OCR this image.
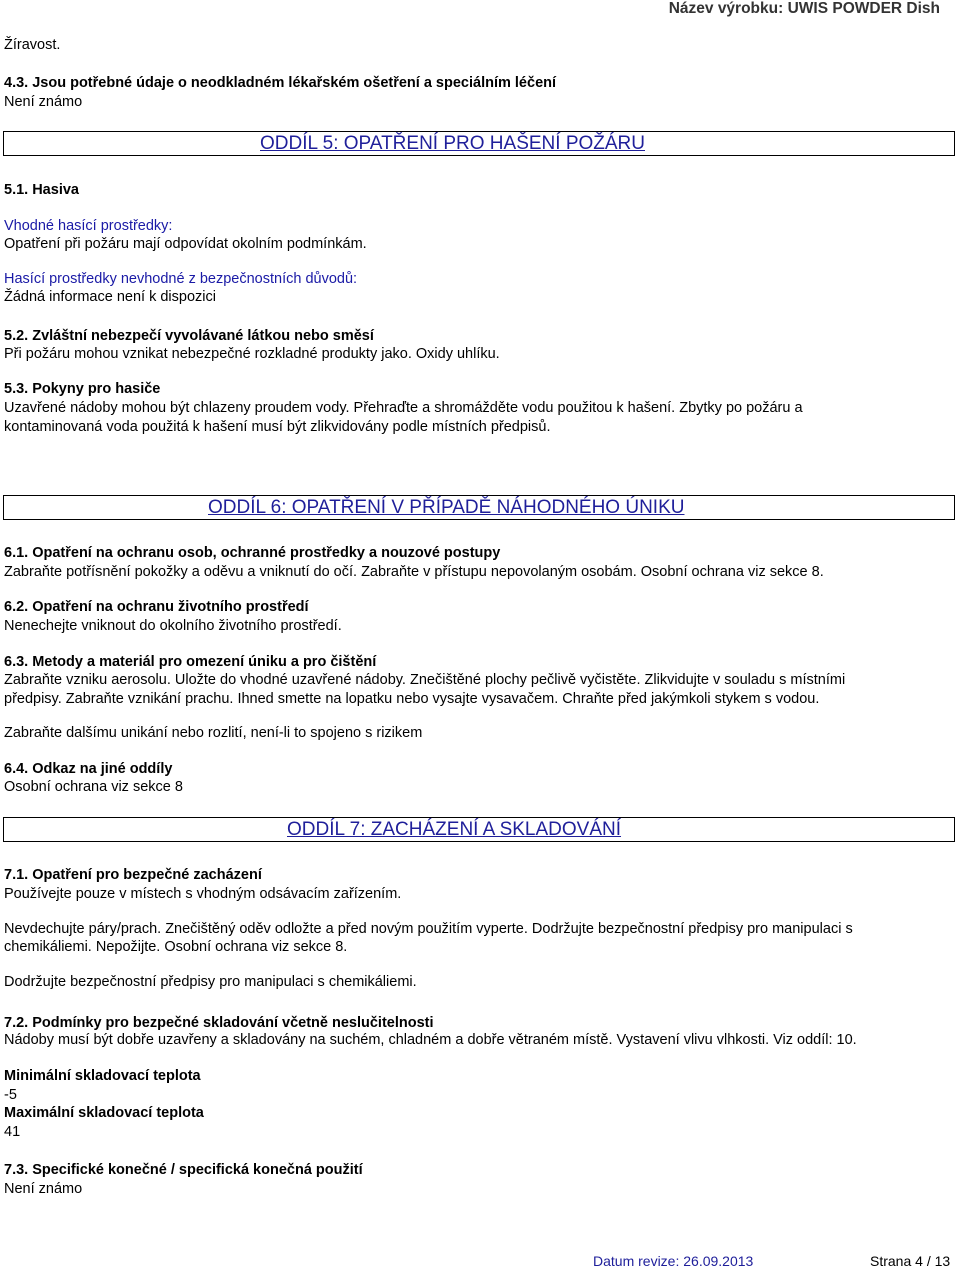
Název výrobku: UWIS POWDER Dish
Žíravost.
4.3. Jsou potřebné údaje o neodkladném lékařském ošetření a speciálním léčení
Není známo
ODDÍL 5: OPATŘENÍ PRO HAŠENÍ POŽÁRU
5.1. Hasiva
Vhodné hasící prostředky:
Opatření při požáru mají odpovídat okolním podmínkám.
Hasící prostředky nevhodné z bezpečnostních důvodů:
Žádná informace není k dispozici
5.2. Zvláštní nebezpečí vyvolávané látkou nebo směsí
Při požáru mohou vznikat nebezpečné rozkladné produkty jako. Oxidy uhlíku.
5.3. Pokyny pro hasiče
Uzavřené nádoby mohou být chlazeny proudem vody. Přehraďte a shromážděte vodu použitou k hašení. Zbytky po požáru a
kontaminovaná voda použitá k hašení musí být zlikvidovány podle místních předpisů.
ODDÍL 6: OPATŘENÍ V PŘÍPADĚ NÁHODNÉHO ÚNIKU
6.1. Opatření na ochranu osob, ochranné prostředky a nouzové postupy
Zabraňte potřísnění pokožky a oděvu a vniknutí do očí. Zabraňte v přístupu nepovolaným osobám. Osobní ochrana viz sekce 8.
6.2. Opatření na ochranu životního prostředí
Nenechejte vniknout do okolního životního prostředí.
6.3. Metody a materiál pro omezení úniku a pro čištění
Zabraňte vzniku aerosolu. Uložte do vhodné uzavřené nádoby. Znečištěné plochy pečlivě vyčistěte. Zlikvidujte v souladu s místními
předpisy. Zabraňte vznikání prachu. Ihned smette na lopatku nebo vysajte vysavačem. Chraňte před jakýmkoli stykem s vodou.
Zabraňte dalšímu unikání nebo rozlití, není-li to spojeno s rizikem
6.4. Odkaz na jiné oddíly
Osobní ochrana viz sekce 8
ODDÍL 7: ZACHÁZENÍ A SKLADOVÁNÍ
7.1. Opatření pro bezpečné zacházení
Používejte pouze v místech s vhodným odsávacím zařízením.
Nevdechujte páry/prach. Znečištěný oděv odložte a před novým použitím vyperte. Dodržujte bezpečnostní předpisy pro manipulaci s
chemikáliemi. Nepožijte. Osobní ochrana viz sekce 8.
Dodržujte bezpečnostní předpisy pro manipulaci s chemikáliemi.
7.2. Podmínky pro bezpečné skladování včetně neslučitelnosti
Nádoby musí být dobře uzavřeny a skladovány na suchém, chladném a dobře větraném místě. Vystavení vlivu vlhkosti. Viz oddíl: 10.
Minimální skladovací teplota
-5
Maximální skladovací teplota
41
7.3. Specifické konečné / specifická konečná použití
Není známo
Datum revize: 26.09.2013	Strana 4 / 13
